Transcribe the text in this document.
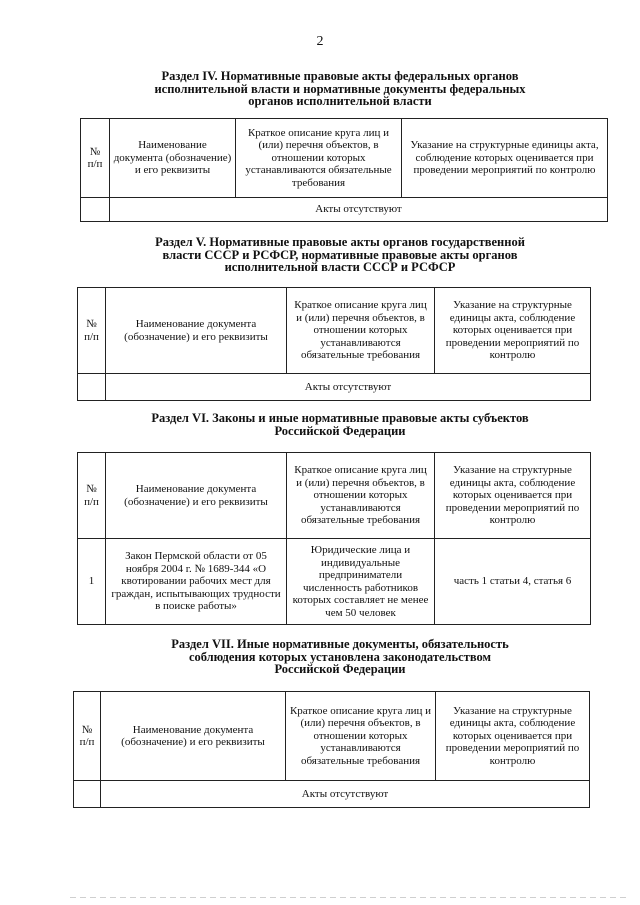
2
Раздел IV. Нормативные правовые акты федеральных органов
исполнительной власти и нормативные документы федеральных
органов исполнительной власти
№ п/п	Наименование документа (обозначение) и его реквизиты	Краткое описание круга лиц и (или) перечня объектов, в отношении которых устанавливаются обязательные требования	Указание на структурные единицы акта, соблюдение которых оценивается при проведении мероприятий по контролю
	Акты отсутствуют		
Раздел V. Нормативные правовые акты органов государственной
власти СССР и РСФСР, нормативные правовые акты органов
исполнительной власти СССР и РСФСР
№ п/п	Наименование документа (обозначение) и его реквизиты	Краткое описание круга лиц и (или) перечня объектов, в отношении которых устанавливаются обязательные требования	Указание на структурные единицы акта, соблюдение которых оценивается при проведении мероприятий по контролю
	Акты отсутствуют		
Раздел VI. Законы и иные нормативные правовые акты субъектов
Российской Федерации
№ п/п	Наименование документа (обозначение) и его реквизиты	Краткое описание круга лиц и (или) перечня объектов, в отношении которых устанавливаются обязательные требования	Указание на структурные единицы акта, соблюдение которых оценивается при проведении мероприятий по контролю
1	Закон Пермской области от 05 ноября 2004 г. № 1689-344 «О квотировании рабочих мест для граждан, испытывающих трудности в поиске работы»	Юридические лица и индивидуальные предприниматели численность работников которых составляет не менее чем 50 человек	часть 1 статьи 4, статья 6
Раздел VII. Иные нормативные документы, обязательность
соблюдения которых установлена законодательством
Российской Федерации
№ п/п	Наименование документа (обозначение) и его реквизиты	Краткое описание круга лиц и (или) перечня объектов, в отношении которых устанавливаются обязательные требования	Указание на структурные единицы акта, соблюдение которых оценивается при проведении мероприятий по контролю
	Акты отсутствуют		
